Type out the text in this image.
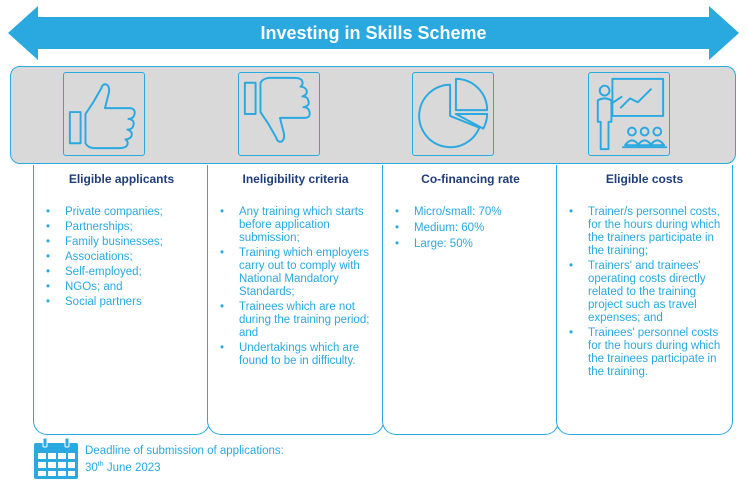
Investing in Skills Scheme
Eligible applicants
• Private companies;
• Partnerships;
• Family businesses;
• Associations;
• Self-employed;
• NGOs; and
• Social partners
Ineligibility criteria
• Any training which starts before application submission;
• Training which employers carry out to comply with National Mandatory Standards;
• Trainees which are not during the training period; and
• Undertakings which are found to be in difficulty.
Co-financing rate
• Micro/small: 70%
• Medium: 60%
• Large: 50%
Eligible costs
• Trainer/s personnel costs, for the hours during which the trainers participate in the training;
• Trainers' and trainees' operating costs directly related to the training project such as travel expenses; and
• Trainees' personnel costs for the hours during which the trainees participate in the training.
Deadline of submission of applications:
30th June 2023
